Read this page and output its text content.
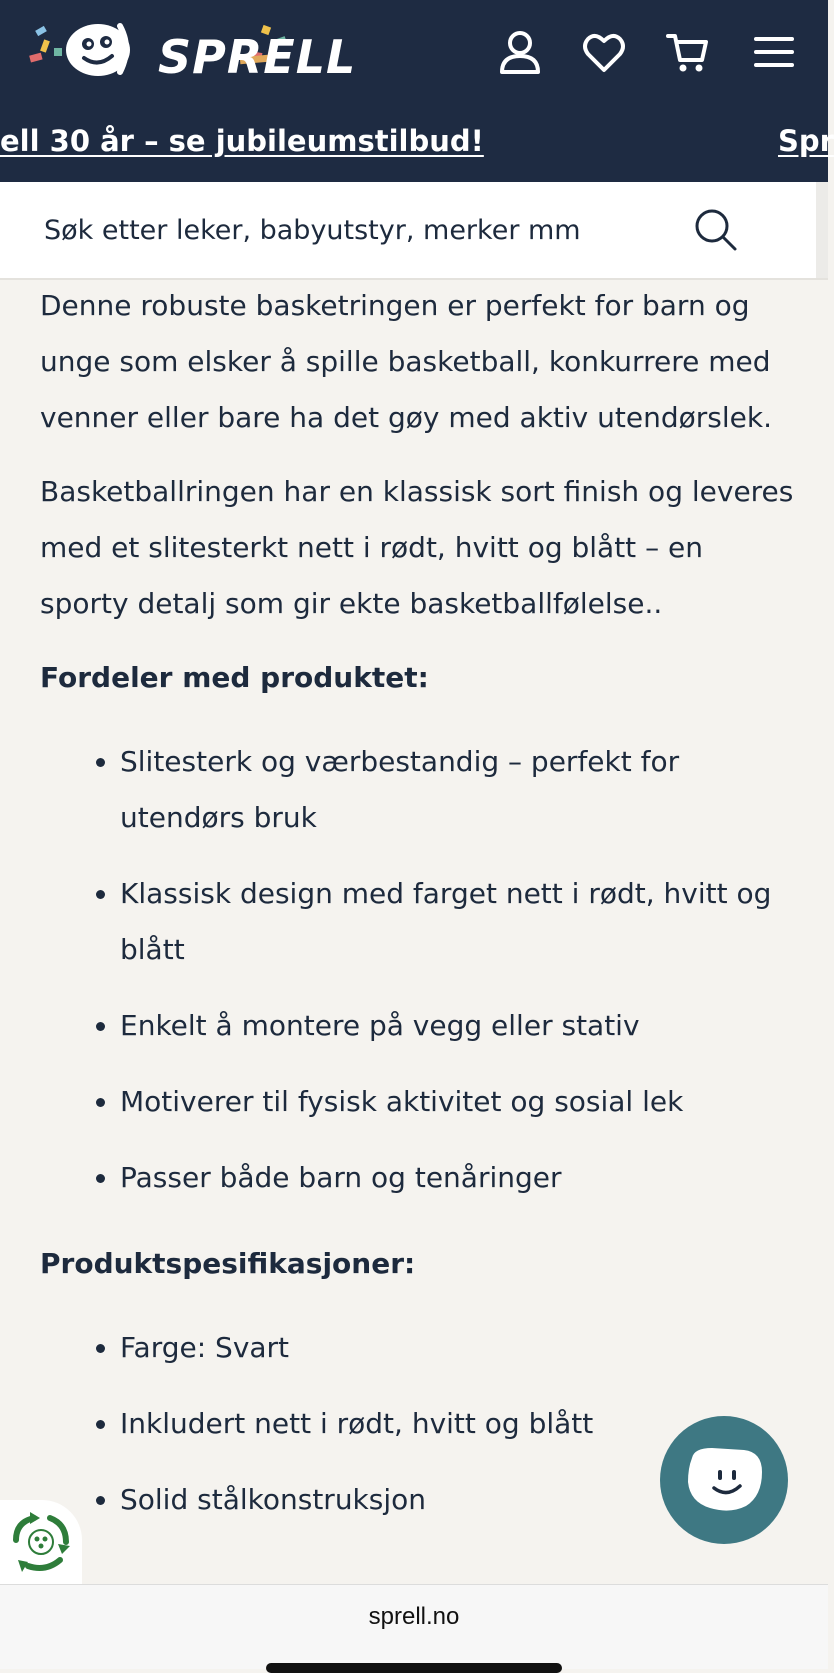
SPRELL
ell 30 år – se jubileumstilbud!	Spr
Søk etter leker, babyutstyr, merker mm

Denne robuste basketringen er perfekt for barn og unge som elsker å spille basketball, konkurrere med venner eller bare ha det gøy med aktiv utendørslek.

Basketballringen har en klassisk sort finish og leveres med et slitesterkt nett i rødt, hvitt og blått – en sporty detalj som gir ekte basketballfølelse..

Fordeler med produktet:
• Slitesterk og værbestandig – perfekt for utendørs bruk
• Klassisk design med farget nett i rødt, hvitt og blått
• Enkelt å montere på vegg eller stativ
• Motiverer til fysisk aktivitet og sosial lek
• Passer både barn og tenåringer
Produktspesifikasjoner:
• Farge: Svart
• Inkludert nett i rødt, hvitt og blått
• Solid stålkonstruksjon
sprell.no
